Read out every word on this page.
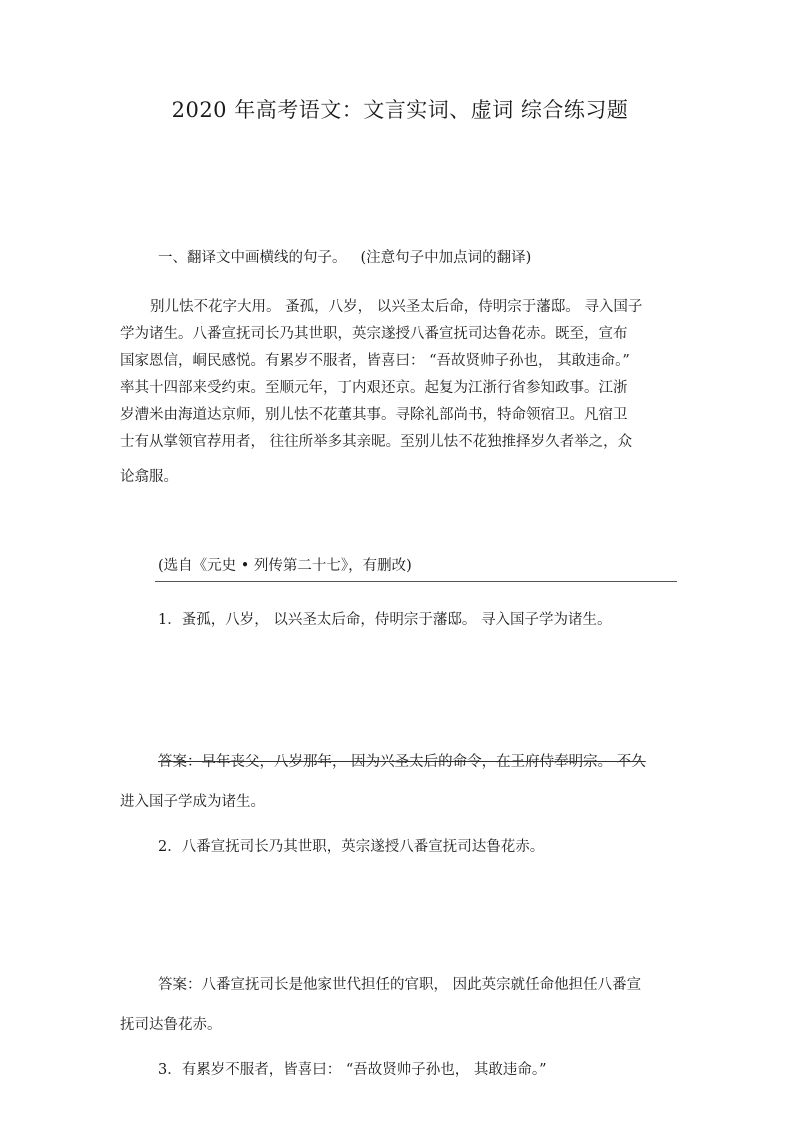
2020 年高考语文：文言实词、虚词 综合练习题
一、翻译文中画横线的句子。 (注意句子中加点词的翻译)
别儿怯不花字大用。 蚤孤，八岁， 以兴圣太后命，侍明宗于藩邸。 寻入国子
学为诸生。八番宣抚司长乃其世职，英宗遂授八番宣抚司达鲁花赤。既至，宣布
国家恩信，峒民感悦。有累岁不服者，皆喜曰： “吾故贤帅子孙也， 其敢违命。”
率其十四部来受约束。至顺元年，丁内艰还京。起复为江浙行省参知政事。江浙
岁漕米由海道达京师，别儿怯不花董其事。寻除礼部尚书，特命领宿卫。凡宿卫
士有从掌领官荐用者， 往往所举多其亲昵。至别儿怯不花独推择岁久者举之，众
论翕服。
(选自《元史 • 列传第二十七》，有删改)
1．蚤孤，八岁， 以兴圣太后命，侍明宗于藩邸。 寻入国子学为诸生。
答案：早年丧父，八岁那年， 因为兴圣太后的命令，在王府侍奉明宗。 不久
进入国子学成为诸生。
2．八番宣抚司长乃其世职，英宗遂授八番宣抚司达鲁花赤。
答案：八番宣抚司长是他家世代担任的官职， 因此英宗就任命他担任八番宣
抚司达鲁花赤。
3．有累岁不服者，皆喜曰： “吾故贤帅子孙也， 其敢违命。”
